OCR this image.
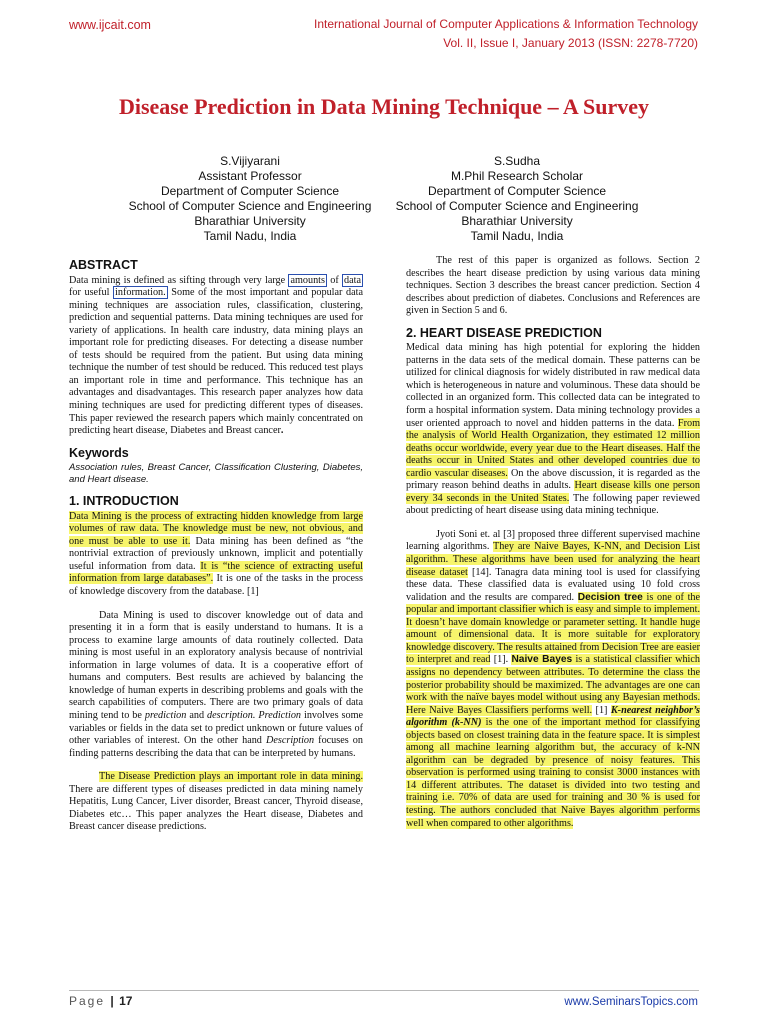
www.ijcait.com	International Journal of Computer Applications & Information Technology
Vol. II, Issue I, January 2013 (ISSN: 2278-7720)
Disease Prediction in Data Mining Technique – A Survey
S.Vijiyarani
Assistant Professor
Department of Computer Science
School of Computer Science and Engineering
Bharathiar University
Tamil Nadu, India
S.Sudha
M.Phil Research Scholar
Department of Computer Science
School of Computer Science and Engineering
Bharathiar University
Tamil Nadu, India
ABSTRACT

Data mining is defined as sifting through very large amounts of data for useful information. Some of the most important and popular data mining techniques are association rules, classification, clustering, prediction and sequential patterns. Data mining techniques are used for variety of applications. In health care industry, data mining plays an important role for predicting diseases. For detecting a disease number of tests should be required from the patient. But using data mining technique the number of test should be reduced. This reduced test plays an important role in time and performance. This technique has an advantages and disadvantages. This research paper analyzes how data mining techniques are used for predicting different types of diseases. This paper reviewed the research papers which mainly concentrated on predicting heart disease, Diabetes and Breast cancer.

Keywords

Association rules, Breast Cancer, Classification Clustering, Diabetes, and Heart disease.

1. INTRODUCTION

Data Mining is the process of extracting hidden knowledge from large volumes of raw data. The knowledge must be new, not obvious, and one must be able to use it. Data mining has been defined as “the nontrivial extraction of previously unknown, implicit and potentially useful information from data. It is “the science of extracting useful information from large databases”. It is one of the tasks in the process of knowledge discovery from the database. [1]

Data Mining is used to discover knowledge out of data and presenting it in a form that is easily understand to humans. It is a process to examine large amounts of data routinely collected. Data mining is most useful in an exploratory analysis because of nontrivial information in large volumes of data. It is a cooperative effort of humans and computers. Best results are achieved by balancing the knowledge of human experts in describing problems and goals with the search capabilities of computers. There are two primary goals of data mining tend to be prediction and description. Prediction involves some variables or fields in the data set to predict unknown or future values of other variables of interest. On the other hand Description focuses on finding patterns describing the data that can be interpreted by humans.

The Disease Prediction plays an important role in data mining. There are different types of diseases predicted in data mining namely Hepatitis, Lung Cancer, Liver disorder, Breast cancer, Thyroid disease, Diabetes etc… This paper analyzes the Heart disease, Diabetes and Breast cancer disease predictions.

The rest of this paper is organized as follows. Section 2 describes the heart disease prediction by using various data mining techniques. Section 3 describes the breast cancer prediction. Section 4 describes about prediction of diabetes. Conclusions and References are given in Section 5 and 6.

2. HEART DISEASE PREDICTION

Medical data mining has high potential for exploring the hidden patterns in the data sets of the medical domain. These patterns can be utilized for clinical diagnosis for widely distributed in raw medical data which is heterogeneous in nature and voluminous. These data should be collected in an organized form. This collected data can be integrated to form a hospital information system. Data mining technology provides a user oriented approach to novel and hidden patterns in the data. From the analysis of World Health Organization, they estimated 12 million deaths occur worldwide, every year due to the Heart diseases. Half the deaths occur in United States and other developed countries due to cardio vascular diseases. On the above discussion, it is regarded as the primary reason behind deaths in adults. Heart disease kills one person every 34 seconds in the United States. The following paper reviewed about predicting of heart disease using data mining technique.

Jyoti Soni et. al [3] proposed three different supervised machine learning algorithms. They are Naive Bayes, K-NN, and Decision List algorithm. These algorithms have been used for analyzing the heart disease dataset [14]. Tanagra data mining tool is used for classifying these data. These classified data is evaluated using 10 fold cross validation and the results are compared. Decision tree is one of the popular and important classifier which is easy and simple to implement. It doesn’t have domain knowledge or parameter setting. It handle huge amount of dimensional data. It is more suitable for exploratory knowledge discovery. The results attained from Decision Tree are easier to interpret and read [1]. Naive Bayes is a statistical classifier which assigns no dependency between attributes. To determine the class the posterior probability should be maximized. The advantages are one can work with the naïve bayes model without using any Bayesian methods. Here Naive Bayes Classifiers performs well. [1] K-nearest neighbor’s algorithm (k-NN) is the one of the important method for classifying objects based on closest training data in the feature space. It is simplest among all machine learning algorithm but, the accuracy of k-NN algorithm can be degraded by presence of noisy features. This observation is performed using training to consist 3000 instances with 14 different attributes. The dataset is divided into two testing and training i.e. 70% of data are used for training and 30 % is used for testing. The authors concluded that Naive Bayes algorithm performs well when compared to other algorithms.

Page | 17	www.SeminarsTopics.com
